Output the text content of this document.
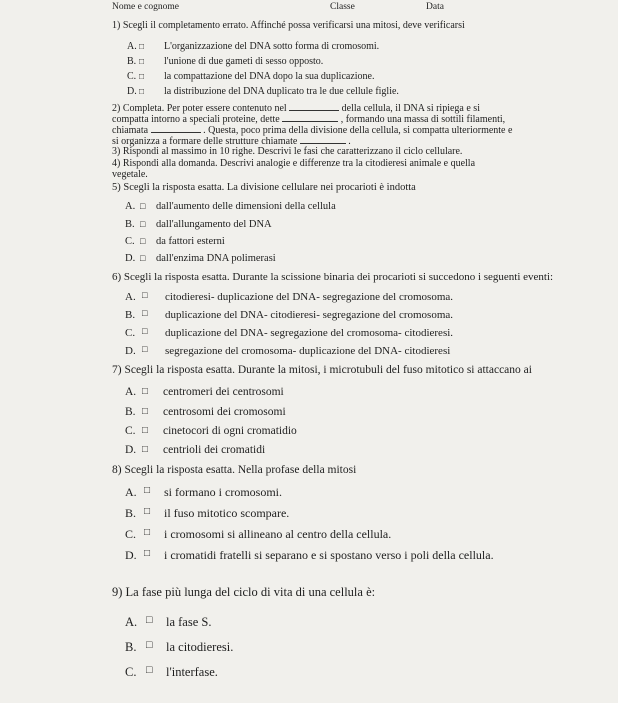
Nome e cognome	Classe	Data
1) Scegli il completamento errato. Affinché possa verificarsi una mitosi, deve verificarsi
A. □ L'organizzazione del DNA sotto forma di cromosomi.
B. □ l'unione di due gameti di sesso opposto.
C. □ la compattazione del DNA dopo la sua duplicazione.
D. □ la distribuzione del DNA duplicato tra le due cellule figlie.
2) Completa. Per poter essere contenuto nel	della cellula, il DNA si ripiega e si
compatta intorno a speciali proteine, dette	, formando una massa di sottili filamenti,
chiamata	. Questa, poco prima della divisione della cellula, si compatta ulteriormente e
si organizza a formare delle strutture chiamate	.
3) Rispondi al massimo in 10 righe. Descrivi le fasi che caratterizzano il ciclo cellulare.
4) Rispondi alla domanda. Descrivi analogie e differenze tra la citodieresi animale e quella
vegetale.
5) Scegli la risposta esatta. La divisione cellulare nei procarioti è indotta
A. □ dall'aumento delle dimensioni della cellula
B. □ dall'allungamento del DNA
C. □ da fattori esterni
D. □ dall'enzima DNA polimerasi
6) Scegli la risposta esatta. Durante la scissione binaria dei procarioti si succedono i seguenti eventi:
A. □ citodieresi- duplicazione del DNA- segregazione del cromosoma.
B. □ duplicazione del DNA- citodieresi- segregazione del cromosoma.
C. □ duplicazione del DNA- segregazione del cromosoma- citodieresi.
D. □ segregazione del cromosoma- duplicazione del DNA- citodieresi
7) Scegli la risposta esatta. Durante la mitosi, i microtubuli del fuso mitotico si attaccano ai
A. □ centromeri dei centrosomi
B. □ centrosomi dei cromosomi
C. □ cinetocori di ogni cromatidio
D. □ centrioli dei cromatidi
8) Scegli la risposta esatta. Nella profase della mitosi
A. □ si formano i cromosomi.
B. □ il fuso mitotico scompare.
C. □ i cromosomi si allineano al centro della cellula.
D. □ i cromatidi fratelli si separano e si spostano verso i poli della cellula.
9) La fase più lunga del ciclo di vita di una cellula è:
A. □ la fase S.
B. □ la citodieresi.
C. □ l'interfase.
